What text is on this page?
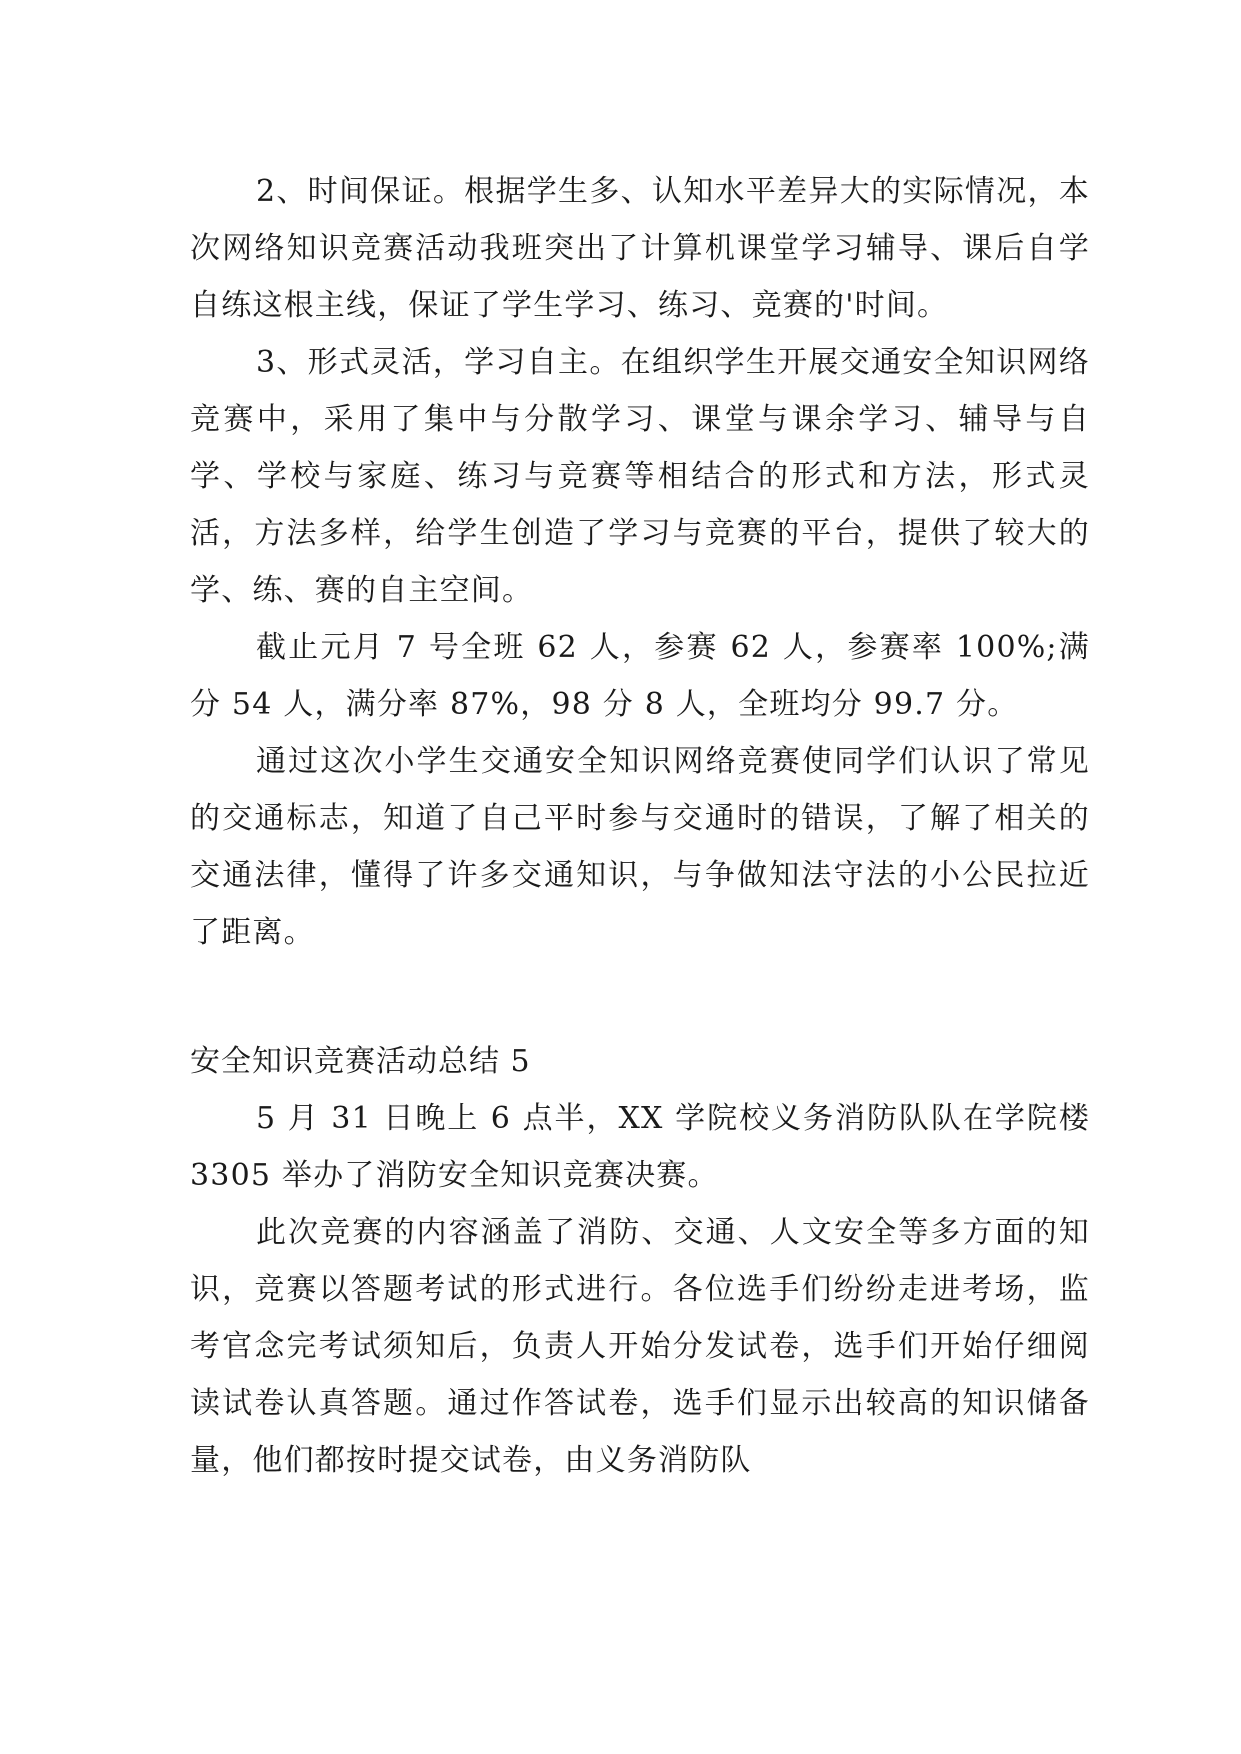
2、时间保证。根据学生多、认知水平差异大的实际情况，本次网络知识竞赛活动我班突出了计算机课堂学习辅导、课后自学自练这根主线，保证了学生学习、练习、竞赛的'时间。

3、形式灵活，学习自主。在组织学生开展交通安全知识网络竞赛中，采用了集中与分散学习、课堂与课余学习、辅导与自学、学校与家庭、练习与竞赛等相结合的形式和方法，形式灵活，方法多样，给学生创造了学习与竞赛的平台，提供了较大的学、练、赛的自主空间。

截止元月 7 号全班 62 人，参赛 62 人，参赛率 100%;满分 54 人，满分率 87%，98 分 8 人，全班均分 99.7 分。

通过这次小学生交通安全知识网络竞赛使同学们认识了常见的交通标志，知道了自己平时参与交通时的错误，了解了相关的交通法律，懂得了许多交通知识，与争做知法守法的小公民拉近了距离。

安全知识竞赛活动总结 5

5 月 31 日晚上 6 点半，XX 学院校义务消防队队在学院楼 3305 举办了消防安全知识竞赛决赛。

此次竞赛的内容涵盖了消防、交通、人文安全等多方面的知识，竞赛以答题考试的形式进行。各位选手们纷纷走进考场，监考官念完考试须知后，负责人开始分发试卷，选手们开始仔细阅读试卷认真答题。通过作答试卷，选手们显示出较高的知识储备量，他们都按时提交试卷，由义务消防队
